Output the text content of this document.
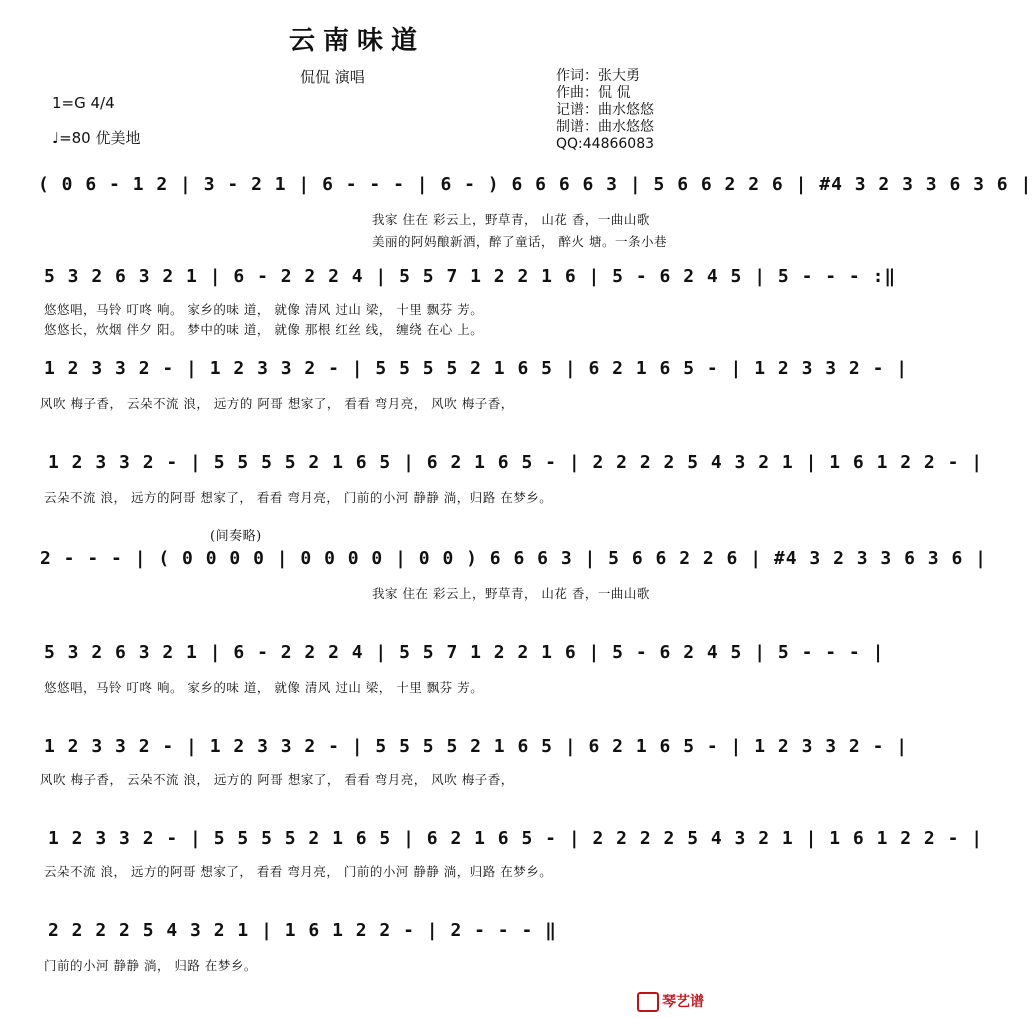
云南味道
侃侃 演唱
1=G 4/4
♩=80 优美地
作词：张大勇
作曲：侃 侃
记谱：曲水悠悠
制谱：曲水悠悠
QQ:44866083
( 0 6 - 1 2 | 3 - 2 1 | 6 - - - | 6 - ) 6 6 6 6 3 | 5 6 6 2 2 6 | #4 3 2 3 3 6 3 6 |
我家 住在 彩云上，野草青， 山花 香，一曲山歌
美丽的阿妈酿新酒，醉了童话， 醉火 塘。一条小巷
5 3 2 6 3 2 1 | 6 - 2 2 2 4 | 5 5 7 1 2 2 1 6 | 5 - 6 2 4 5 | 5 - - - :‖
悠悠唱，马铃 叮咚 响。 家乡的味 道， 就像 清风 过山 梁， 十里 飘芬 芳。
悠悠长，炊烟 伴夕 阳。 梦中的味 道， 就像 那根 红丝 线， 缠绕 在心 上。
1 2 3 3 2 - | 1 2 3 3 2 - | 5 5 5 5 2 1 6 5 | 6 2 1 6 5 - | 1 2 3 3 2 - |
风吹 梅子香， 云朵不流 浪， 远方的 阿哥 想家了， 看看 弯月亮， 风吹 梅子香，
1 2 3 3 2 - | 5 5 5 5 2 1 6 5 | 6 2 1 6 5 - | 2 2 2 2 5 4 3 2 1 | 1 6 1 2 2 - |
云朵不流 浪， 远方的阿哥 想家了， 看看 弯月亮， 门前的小河 静静 淌，归路 在梦乡。
(间奏略)
2 - - - | ( 0 0 0 0 | 0 0 0 0 | 0 0 ) 6 6 6 3 | 5 6 6 2 2 6 | #4 3 2 3 3 6 3 6 |
我家 住在 彩云上，野草青， 山花 香，一曲山歌
5 3 2 6 3 2 1 | 6 - 2 2 2 4 | 5 5 7 1 2 2 1 6 | 5 - 6 2 4 5 | 5 - - - |
悠悠唱，马铃 叮咚 响。 家乡的味 道， 就像 清风 过山 梁， 十里 飘芬 芳。
1 2 3 3 2 - | 1 2 3 3 2 - | 5 5 5 5 2 1 6 5 | 6 2 1 6 5 - | 1 2 3 3 2 - |
风吹 梅子香， 云朵不流 浪， 远方的 阿哥 想家了， 看看 弯月亮， 风吹 梅子香，
1 2 3 3 2 - | 5 5 5 5 2 1 6 5 | 6 2 1 6 5 - | 2 2 2 2 5 4 3 2 1 | 1 6 1 2 2 - |
云朵不流 浪， 远方的阿哥 想家了， 看看 弯月亮， 门前的小河 静静 淌，归路 在梦乡。
2 2 2 2 5 4 3 2 1 | 1 6 1 2 2 - | 2 - - - ‖
门前的小河 静静 淌， 归路 在梦乡。
琴艺谱
